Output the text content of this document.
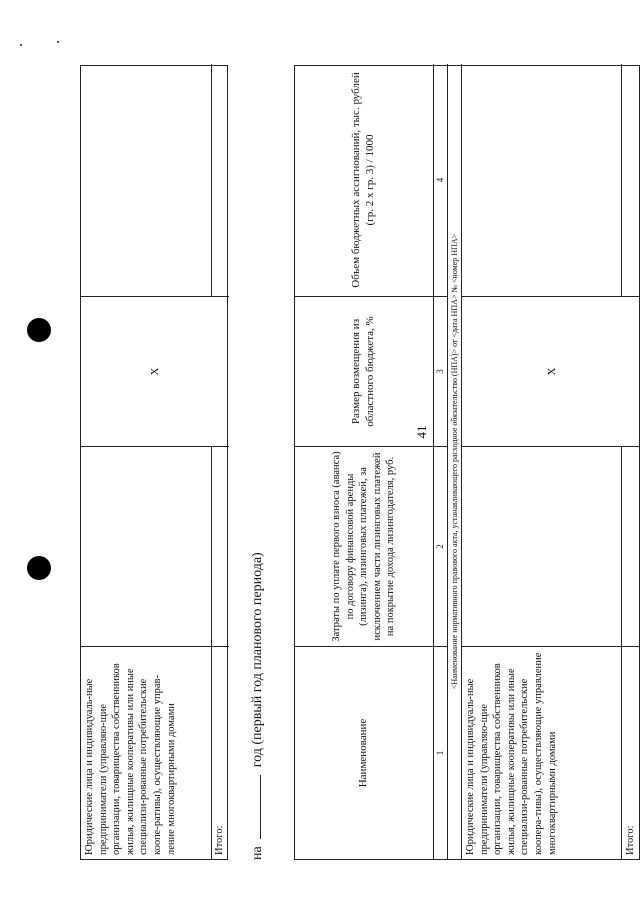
41
Юридические лица и индивидуаль-ные предприниматели (управляю-щие организации, товарищества собственников жилья, жилищные кооперативы или иные специализи-рованные потребительские коопе-ративы), осуществляющие управ-ление многоквартирными домами
X
Итого: на  год (первый год планового периода)	Наименование
Затраты по уплате первого взноса (аванса) по договору финансовой аренды (лизинга), лизинговых платежей, за исключением части лизинговых платежей на покрытие дохода лизингодателя, руб.
Размер возмещения из областного бюджета, %
Объем бюджетных ассигнований, тыс. рублей (гр. 2 x гр. 3) / 1000
1
2
3
4
<Наименование нормативного правового акта, устанавливающего расходное обязательство (НПА)> от <дата НПА> № <номер НПА>
Юридические лица и индивидуаль-ные предприниматели (управляю-щие организации, товарищества собственников жилья, жилищные кооперативы или иные специализи-рованные потребительские коопера-тивы), осуществляющие управление многоквартирными домами
X
Итого:
